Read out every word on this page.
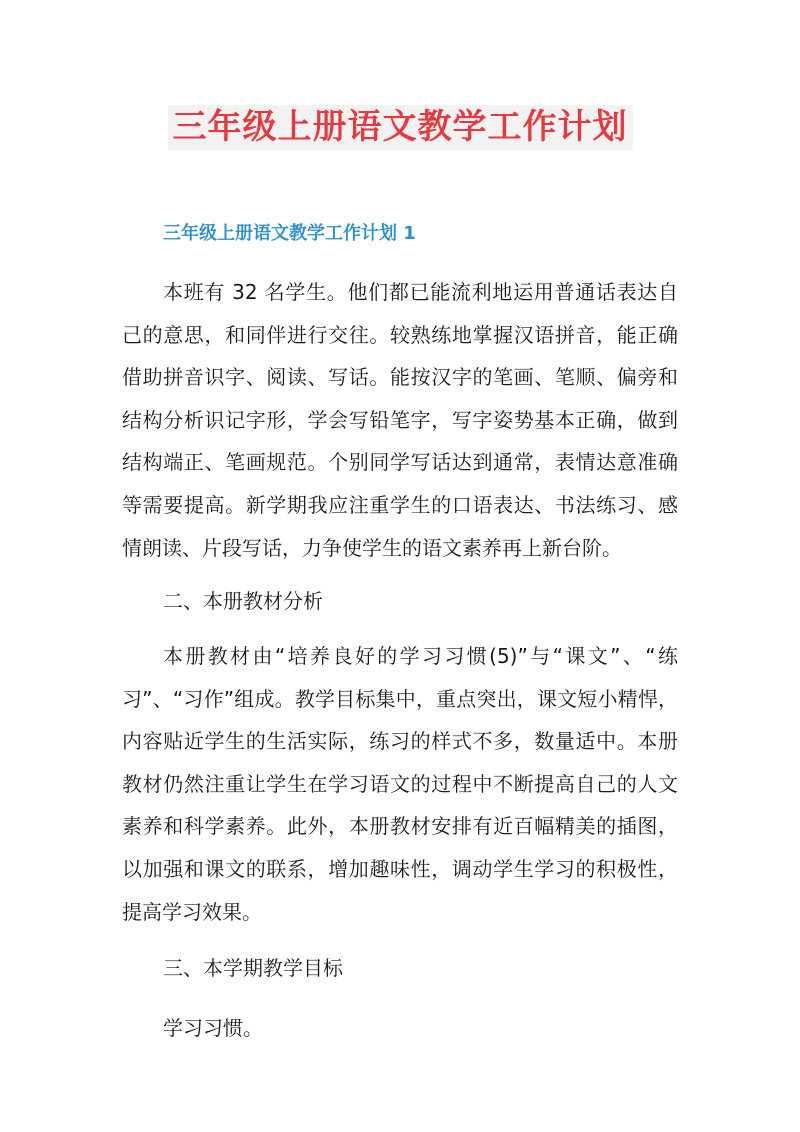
三年级上册语文教学工作计划
三年级上册语文教学工作计划 1
本班有 32 名学生。他们都已能流利地运用普通话表达自己的意思，和同伴进行交往。较熟练地掌握汉语拼音，能正确借助拼音识字、阅读、写话。能按汉字的笔画、笔顺、偏旁和结构分析识记字形，学会写铅笔字，写字姿势基本正确，做到结构端正、笔画规范。个别同学写话达到通常，表情达意准确等需要提高。新学期我应注重学生的口语表达、书法练习、感情朗读、片段写话，力争使学生的语文素养再上新台阶。
二、本册教材分析
本册教材由“培养良好的学习习惯(5)”与“课文”、“练习”、“习作”组成。教学目标集中，重点突出，课文短小精悍，内容贴近学生的生活实际，练习的样式不多，数量适中。本册教材仍然注重让学生在学习语文的过程中不断提高自己的人文素养和科学素养。此外，本册教材安排有近百幅精美的插图，以加强和课文的联系，增加趣味性，调动学生学习的积极性，提高学习效果。
三、本学期教学目标
学习习惯。
